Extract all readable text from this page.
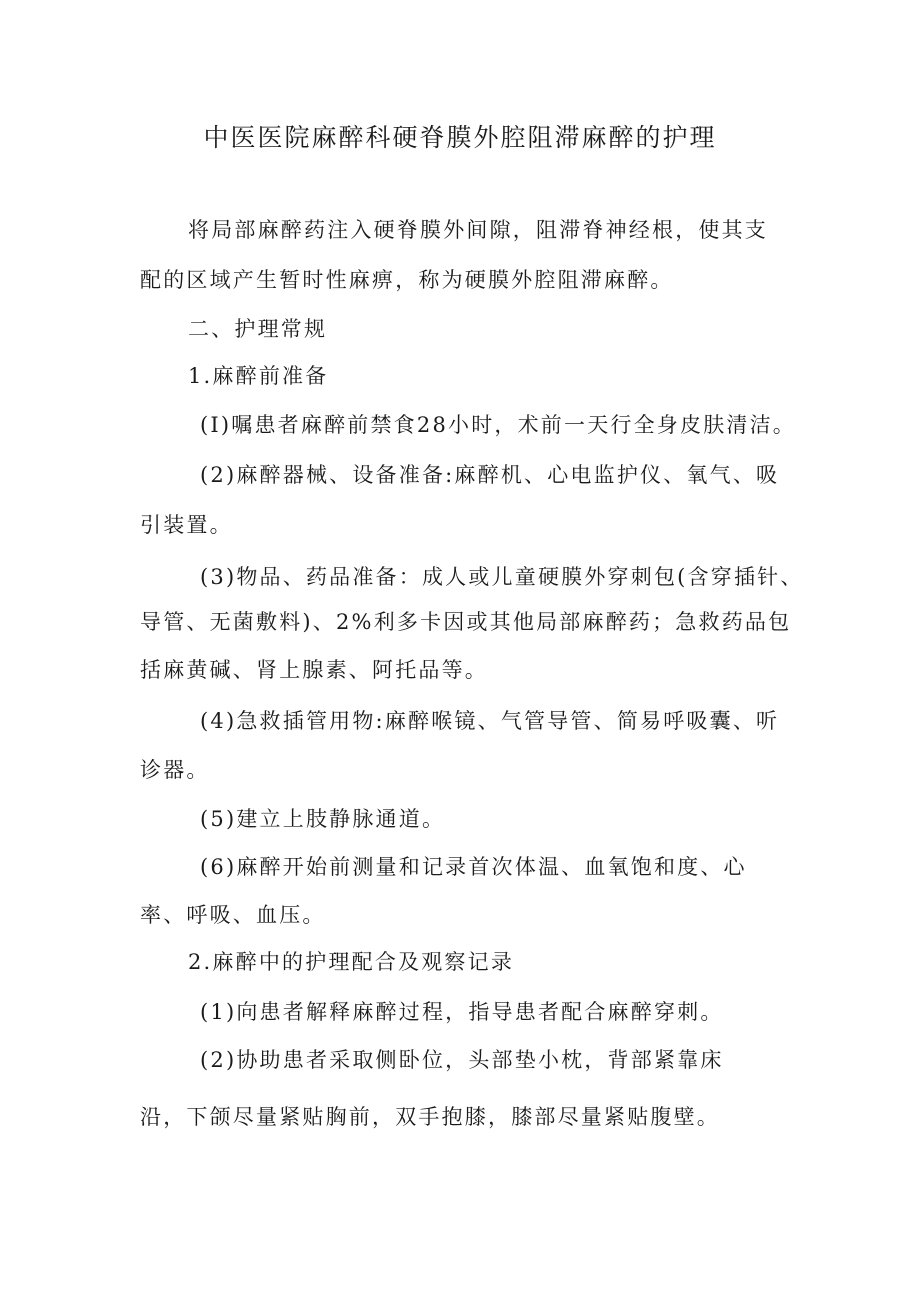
中医医院麻醉科硬脊膜外腔阻滞麻醉的护理

将局部麻醉药注入硬脊膜外间隙，阻滞脊神经根，使其支

配的区域产生暂时性麻痹，称为硬膜外腔阻滞麻醉。

二、护理常规

1.麻醉前准备

(I)嘱患者麻醉前禁食28小时，术前一天行全身皮肤清洁。

(2)麻醉器械、设备准备:麻醉机、心电监护仪、氧气、吸

引装置。

(3)物品、药品准备：成人或儿童硬膜外穿刺包(含穿插针、

导管、无菌敷料)、2%利多卡因或其他局部麻醉药；急救药品包

括麻黄碱、肾上腺素、阿托品等。

(4)急救插管用物:麻醉喉镜、气管导管、简易呼吸囊、听

诊器。

(5)建立上肢静脉通道。

(6)麻醉开始前测量和记录首次体温、血氧饱和度、心

率、呼吸、血压。

2.麻醉中的护理配合及观察记录

(1)向患者解释麻醉过程，指导患者配合麻醉穿刺。

(2)协助患者采取侧卧位，头部垫小枕，背部紧靠床

沿，下颌尽量紧贴胸前，双手抱膝，膝部尽量紧贴腹壁。
